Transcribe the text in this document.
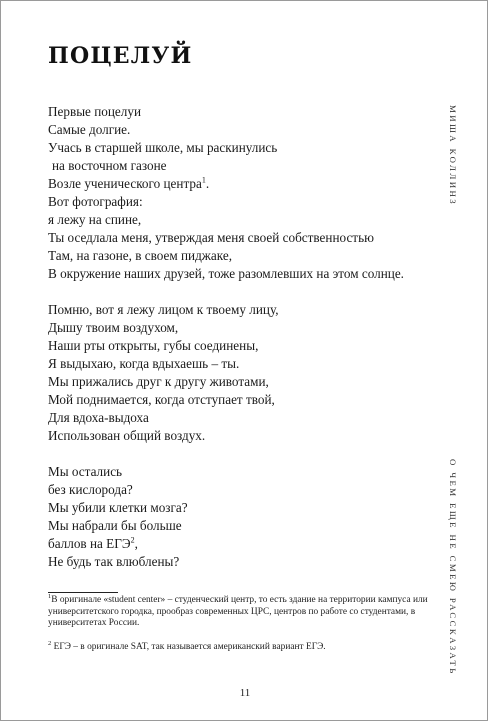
ПОЦЕЛУЙ

Первые поцелуи
Самые долгие.
Учась в старшей школе, мы раскинулись
на восточном газоне
Возле ученического центра$^1$.
Вот фотография:
я лежу на спине,
Ты оседлала меня, утверждая меня своей собственностью
Там, на газоне, в своем пиджаке,
В окружение наших друзей, тоже разомлевших на этом солнце.

Помню, вот я лежу лицом к твоему лицу,
Дышу твоим воздухом,
Наши рты открыты, губы соединены,
Я выдыхаю, когда вдыхаешь – ты.
Мы прижались друг к другу животами,
Мой поднимается, когда отступает твой,
Для вдоха-выдоха
Использован общий воздух.

Мы остались
без кислорода?
Мы убили клетки мозга?
Мы набрали бы больше
баллов на ЕГЭ$^2$,
Не будь так влюблены?

$^1$В оригинале «student center» – студенческий центр, то есть здание на территории кампуса или университетского городка, прообраз современных ЦРС, центров по работе со студентами, в университетах России.

$^2$ ЕГЭ – в оригинале SAT, так называется американский вариант ЕГЭ.

МИША КОЛЛИНЗ
О ЧЕМ ЕЩЕ НЕ СМЕЮ РАССКАЗАТЬ
11
